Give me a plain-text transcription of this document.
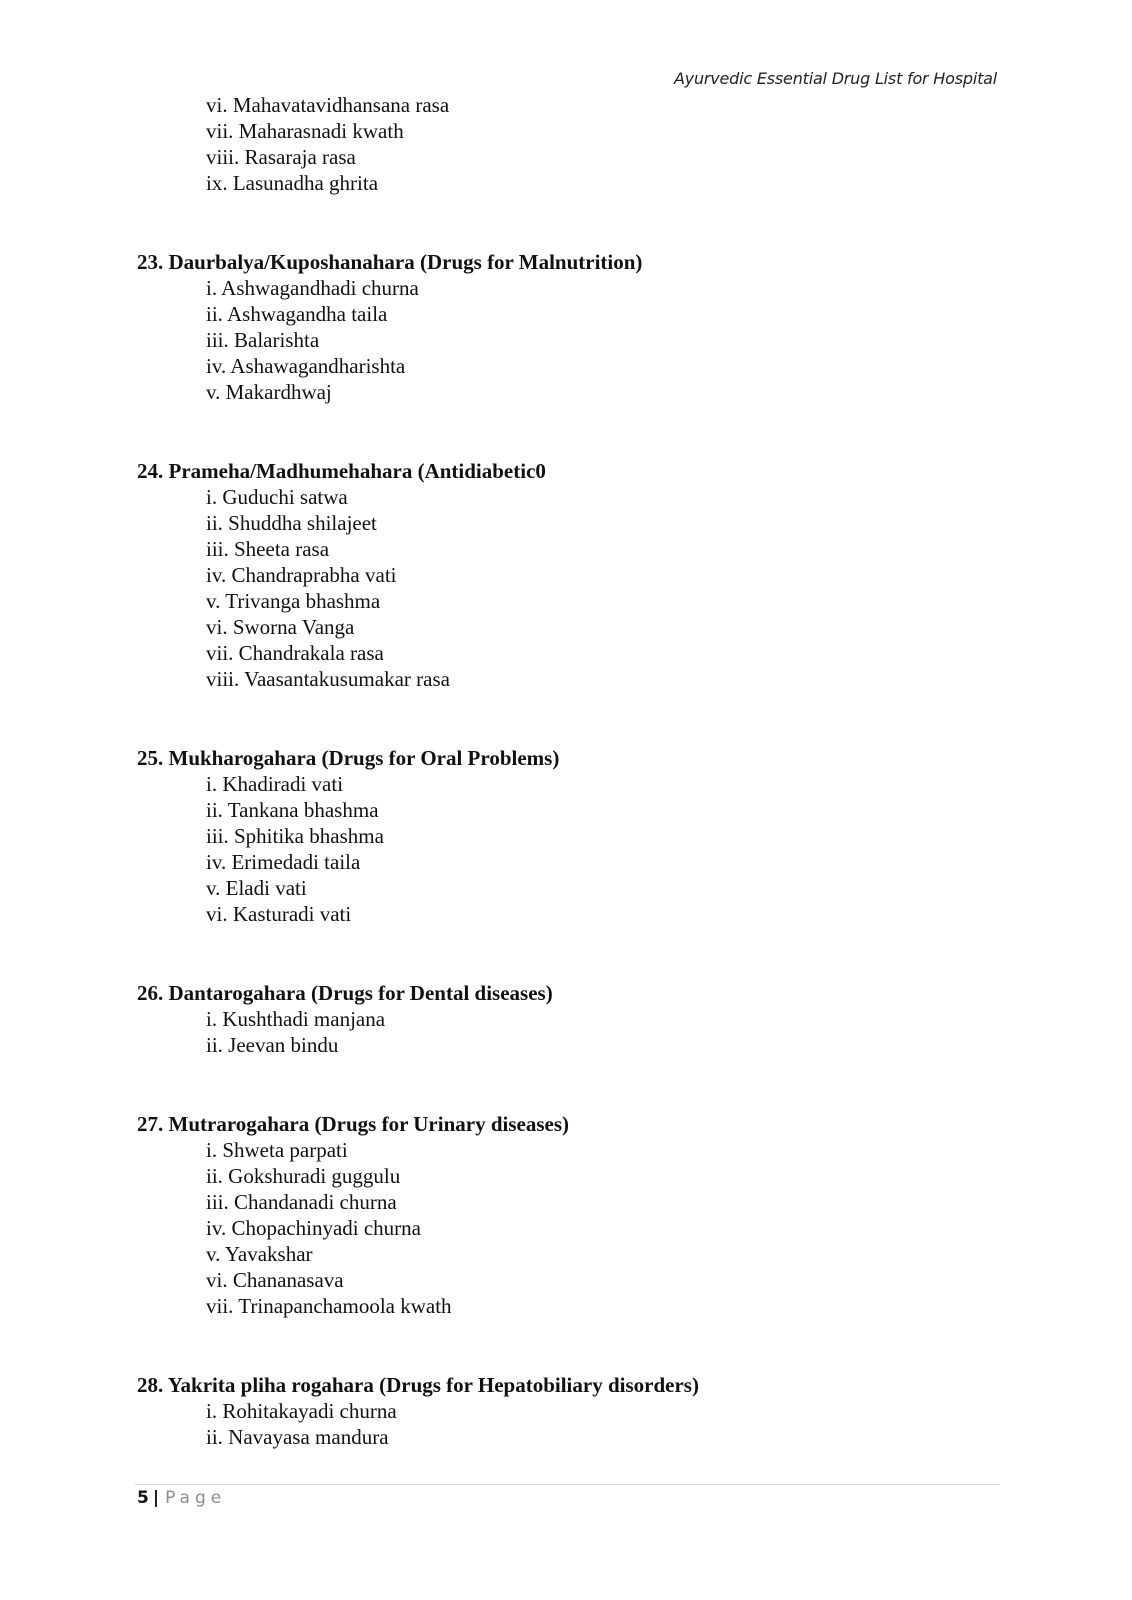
Ayurvedic Essential Drug List for Hospital
vi. Mahavatavidhansana rasa
vii. Maharasnadi kwath
viii. Rasaraja rasa
ix. Lasunadha ghrita
23. Daurbalya/Kuposhanahara (Drugs for Malnutrition)
i. Ashwagandhadi churna
ii. Ashwagandha taila
iii. Balarishta
iv. Ashawagandharishta
v. Makardhwaj
24. Prameha/Madhumehahara (Antidiabetic0
i. Guduchi satwa
ii. Shuddha shilajeet
iii. Sheeta rasa
iv. Chandraprabha vati
v. Trivanga bhashma
vi. Sworna Vanga
vii. Chandrakala rasa
viii. Vaasantakusumakar rasa
25. Mukharogahara (Drugs for Oral Problems)
i. Khadiradi vati
ii. Tankana bhashma
iii. Sphitika bhashma
iv. Erimedadi taila
v. Eladi vati
vi. Kasturadi vati
26. Dantarogahara (Drugs for Dental diseases)
i. Kushthadi manjana
ii. Jeevan bindu
27. Mutrarogahara (Drugs for Urinary diseases)
i. Shweta parpati
ii. Gokshuradi guggulu
iii. Chandanadi churna
iv. Chopachinyadi churna
v. Yavakshar
vi. Chananasava
vii. Trinapanchamoola kwath
28. Yakrita pliha rogahara (Drugs for Hepatobiliary disorders)
i. Rohitakayadi churna
ii. Navayasa mandura
5 | Page
